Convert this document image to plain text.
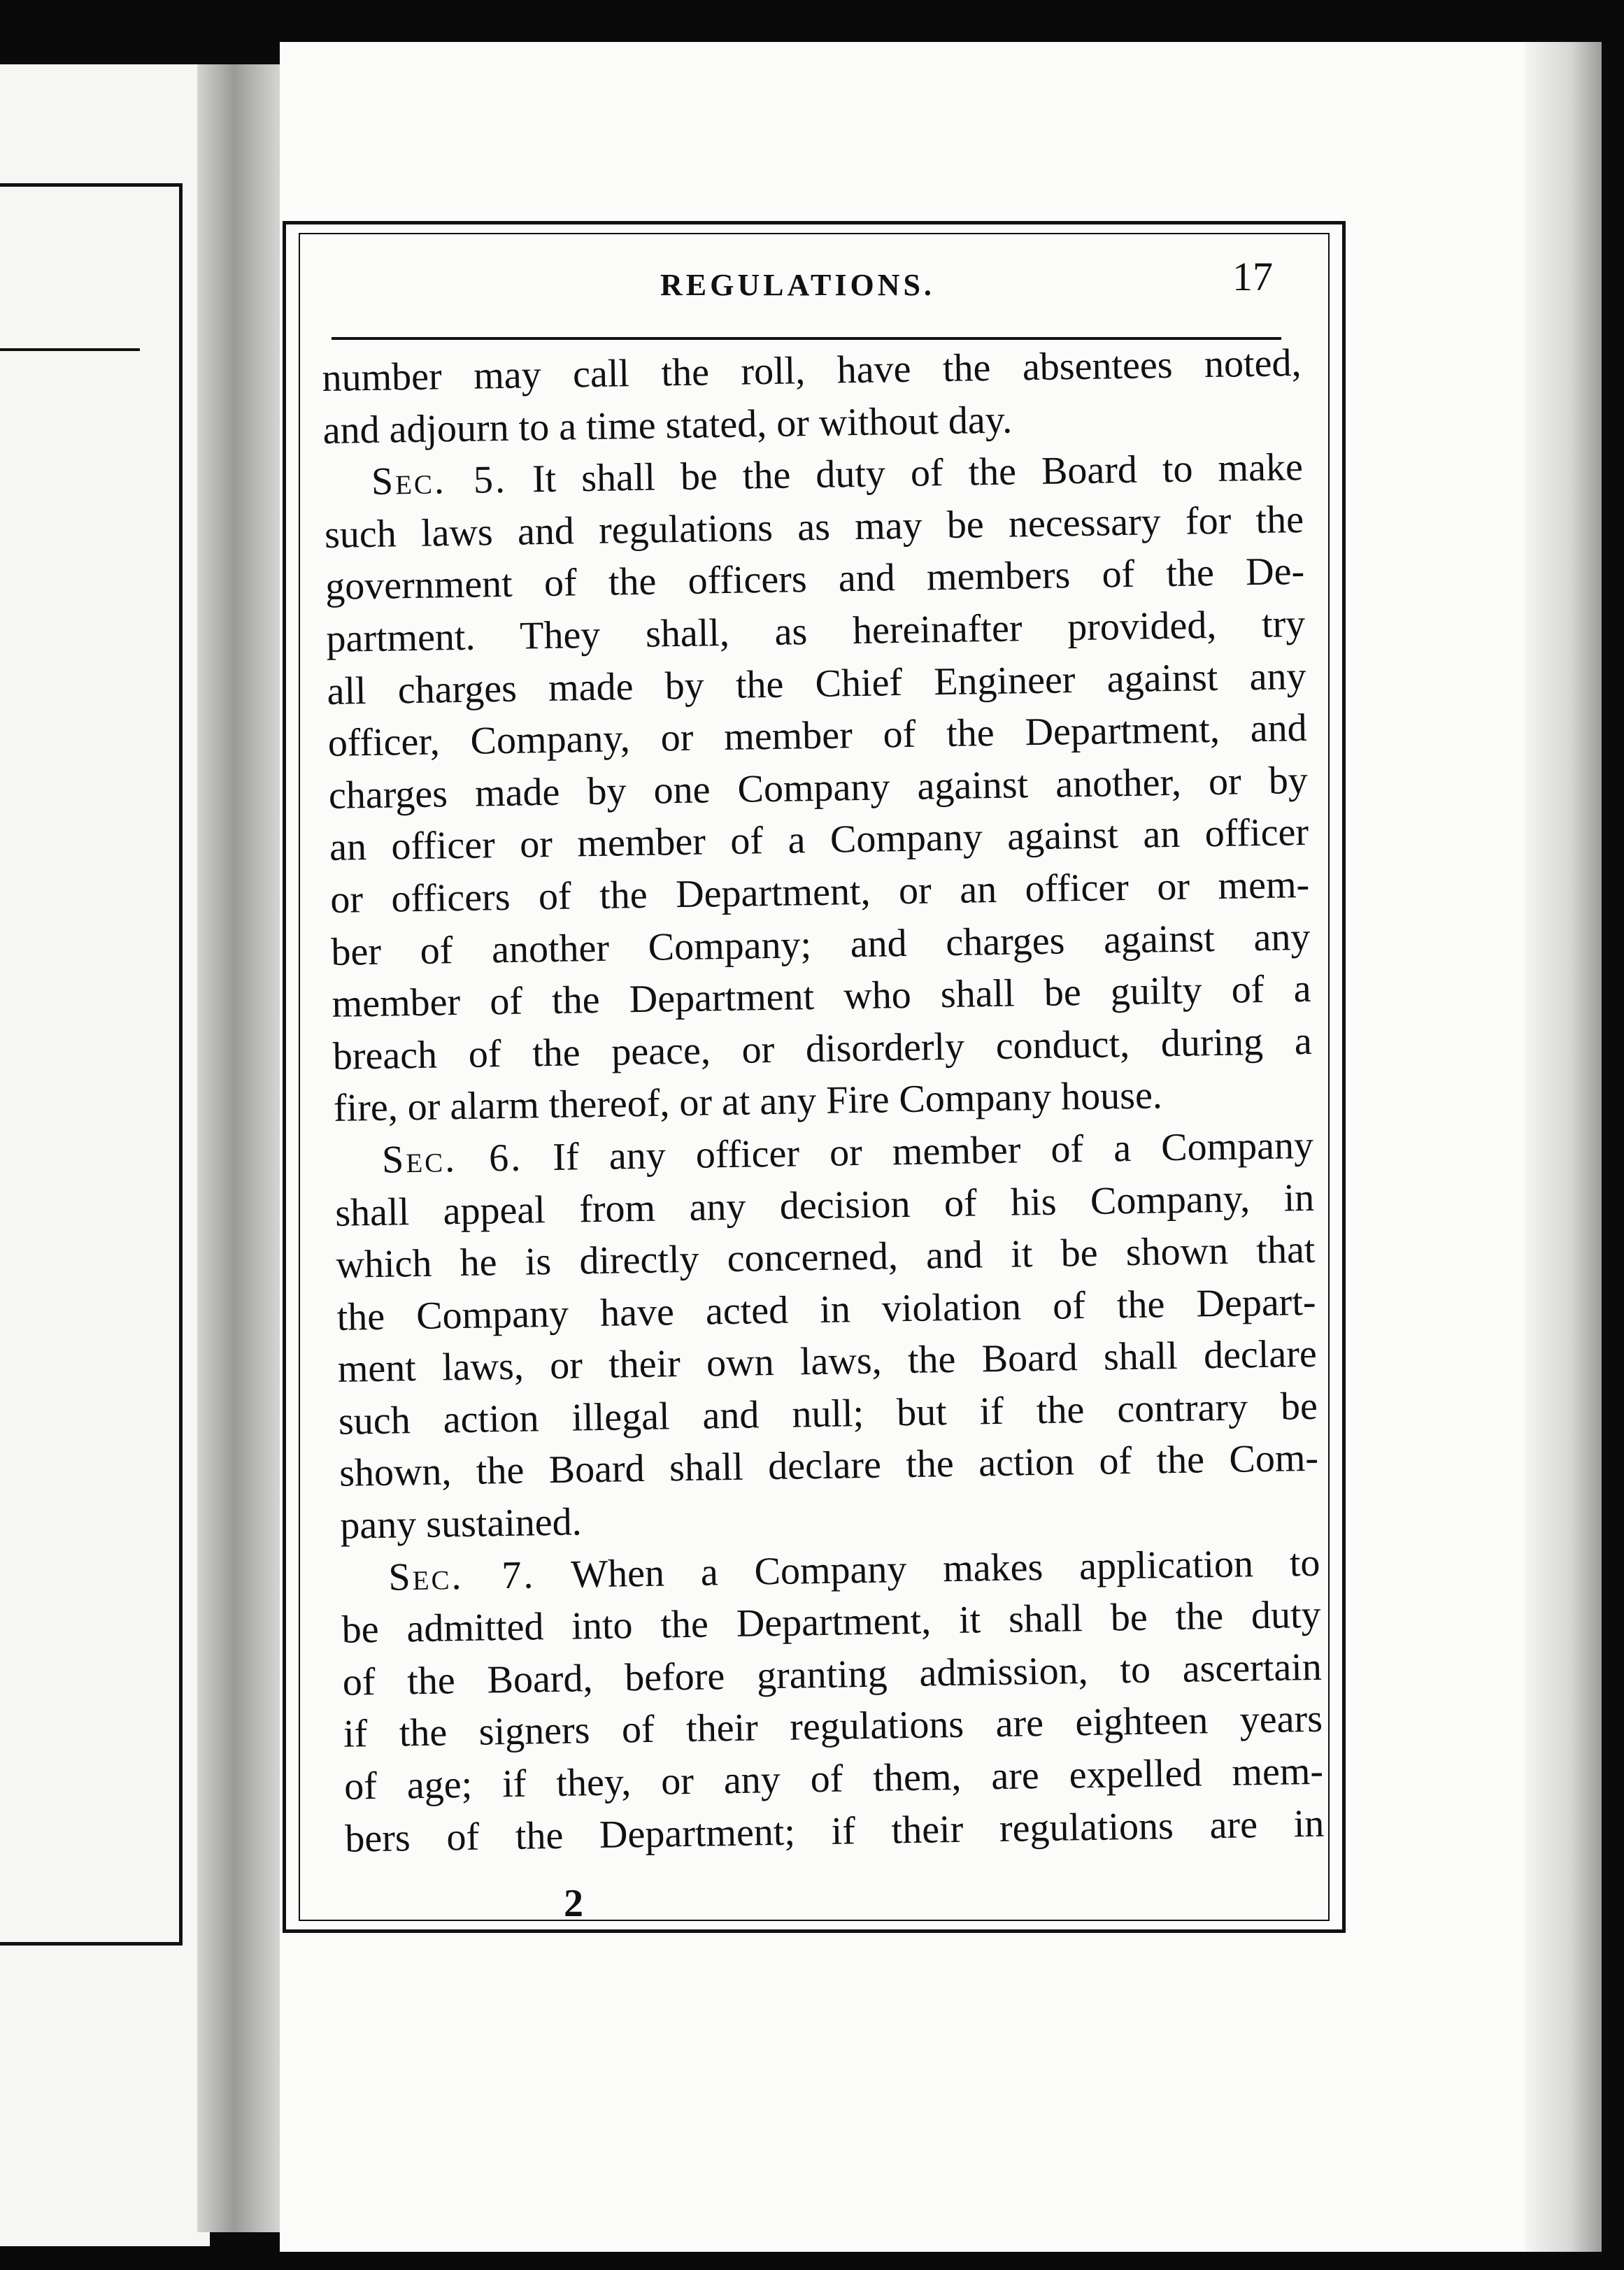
REGULATIONS.	17
number may call the roll, have the absentees noted,
and adjourn to a time stated, or without day.
Sec. 5. It shall be the duty of the Board to make
such laws and regulations as may be necessary for the
government of the officers and members of the De-
partment. They shall, as hereinafter provided, try
all charges made by the Chief Engineer against any
officer, Company, or member of the Department, and
charges made by one Company against another, or by
an officer or member of a Company against an officer
or officers of the Department, or an officer or mem-
ber of another Company; and charges against any
member of the Department who shall be guilty of a
breach of the peace, or disorderly conduct, during a
fire, or alarm thereof, or at any Fire Company house.
Sec. 6. If any officer or member of a Company
shall appeal from any decision of his Company, in
which he is directly concerned, and it be shown that
the Company have acted in violation of the Depart-
ment laws, or their own laws, the Board shall declare
such action illegal and null; but if the contrary be
shown, the Board shall declare the action of the Com-
pany sustained.
Sec. 7. When a Company makes application to
be admitted into the Department, it shall be the duty
of the Board, before granting admission, to ascertain
if the signers of their regulations are eighteen years
of age; if they, or any of them, are expelled mem-
bers of the Department; if their regulations are in
2
